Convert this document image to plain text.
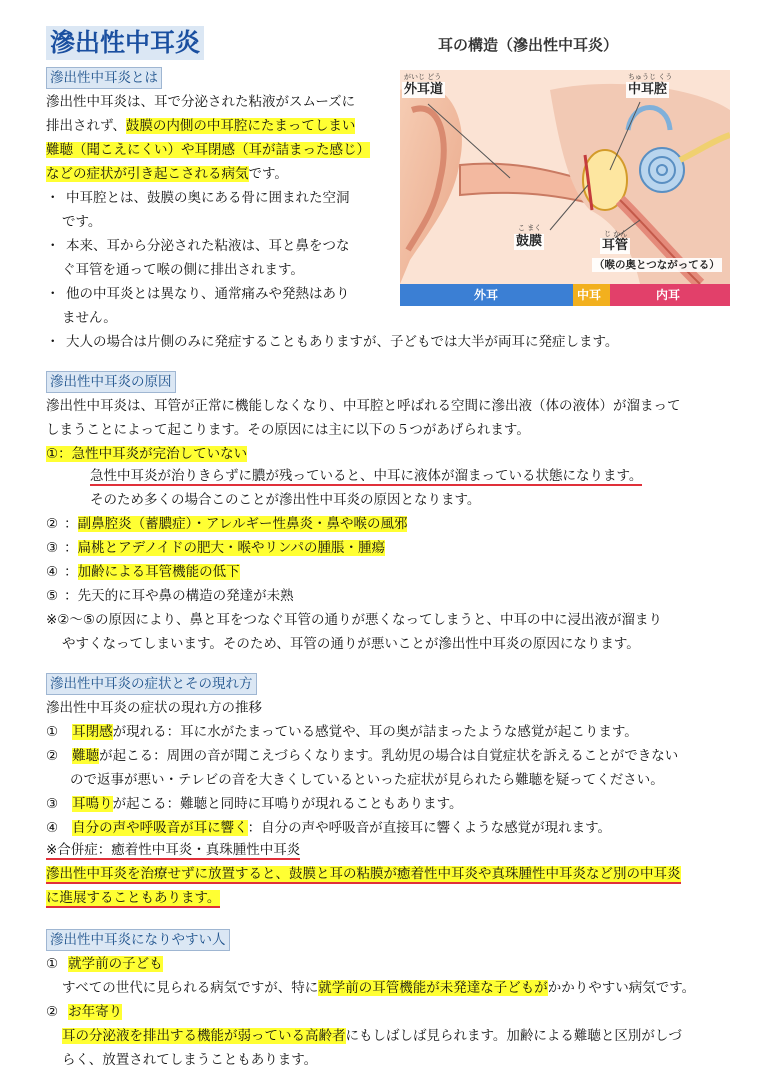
滲出性中耳炎	耳の構造（滲出性中耳炎）
がいじ どう
外耳道
ちゅうじ くう
中耳腔
こ まく
鼓膜	じ かん
耳管
（喉の奥とつながってる）
外耳	中耳	内耳
滲出性中耳炎とは
滲出性中耳炎は、耳で分泌された粘液がスムーズに
排出されず、鼓膜の内側の中耳腔にたまってしまい
難聴（聞こえにくい）や耳閉感（耳が詰まった感じ）
などの症状が引き起こされる病気です。
・ 中耳腔とは、鼓膜の奥にある骨に囲まれた空洞
です。
・ 本来、耳から分泌された粘液は、耳と鼻をつな
ぐ耳管を通って喉の側に排出されます。
・ 他の中耳炎とは異なり、通常痛みや発熱はあり
ません。
・ 大人の場合は片側のみに発症することもありますが、子どもでは大半が両耳に発症します。
滲出性中耳炎の原因
滲出性中耳炎は、耳管が正常に機能しなくなり、中耳腔と呼ばれる空間に滲出液（体の液体）が溜まって
しまうことによって起こります。その原因には主に以下の５つがあげられます。
①：急性中耳炎が完治していない
急性中耳炎が治りきらずに膿が残っていると、中耳に液体が溜まっている状態になります。
そのため多くの場合このことが滲出性中耳炎の原因となります。
② ：副鼻腔炎（蓄膿症）・アレルギー性鼻炎・鼻や喉の風邪
③ ：扁桃とアデノイドの肥大・喉やリンパの腫脹・腫瘍
④ ：加齢による耳管機能の低下
⑤ ：先天的に耳や鼻の構造の発達が未熟
※②～⑤の原因により、鼻と耳をつなぐ耳管の通りが悪くなってしまうと、中耳の中に浸出液が溜まり
やすくなってしまいます。そのため、耳管の通りが悪いことが滲出性中耳炎の原因になります。
滲出性中耳炎の症状とその現れ方
滲出性中耳炎の症状の現れ方の推移
① 耳閉感が現れる：耳に水がたまっている感覚や、耳の奥が詰まったような感覚が起こります。
② 難聴が起こる：周囲の音が聞こえづらくなります。乳幼児の場合は自覚症状を訴えることができない
ので返事が悪い・テレビの音を大きくしているといった症状が見られたら難聴を疑ってください。
③ 耳鳴りが起こる：難聴と同時に耳鳴りが現れることもあります。
④ 自分の声や呼吸音が耳に響く：自分の声や呼吸音が直接耳に響くような感覚が現れます。
※合併症：癒着性中耳炎・真珠腫性中耳炎
滲出性中耳炎を治療せずに放置すると、鼓膜と耳の粘膜が癒着性中耳炎や真珠腫性中耳炎など別の中耳炎
に進展することもあります。
滲出性中耳炎になりやすい人
① 就学前の子ども
すべての世代に見られる病気ですが、特に就学前の耳管機能が未発達な子どもがかかりやすい病気です。
② お年寄り
耳の分泌液を排出する機能が弱っている高齢者にもしばしば見られます。加齢による難聴と区別がしづ
らく、放置されてしまうこともあります。
